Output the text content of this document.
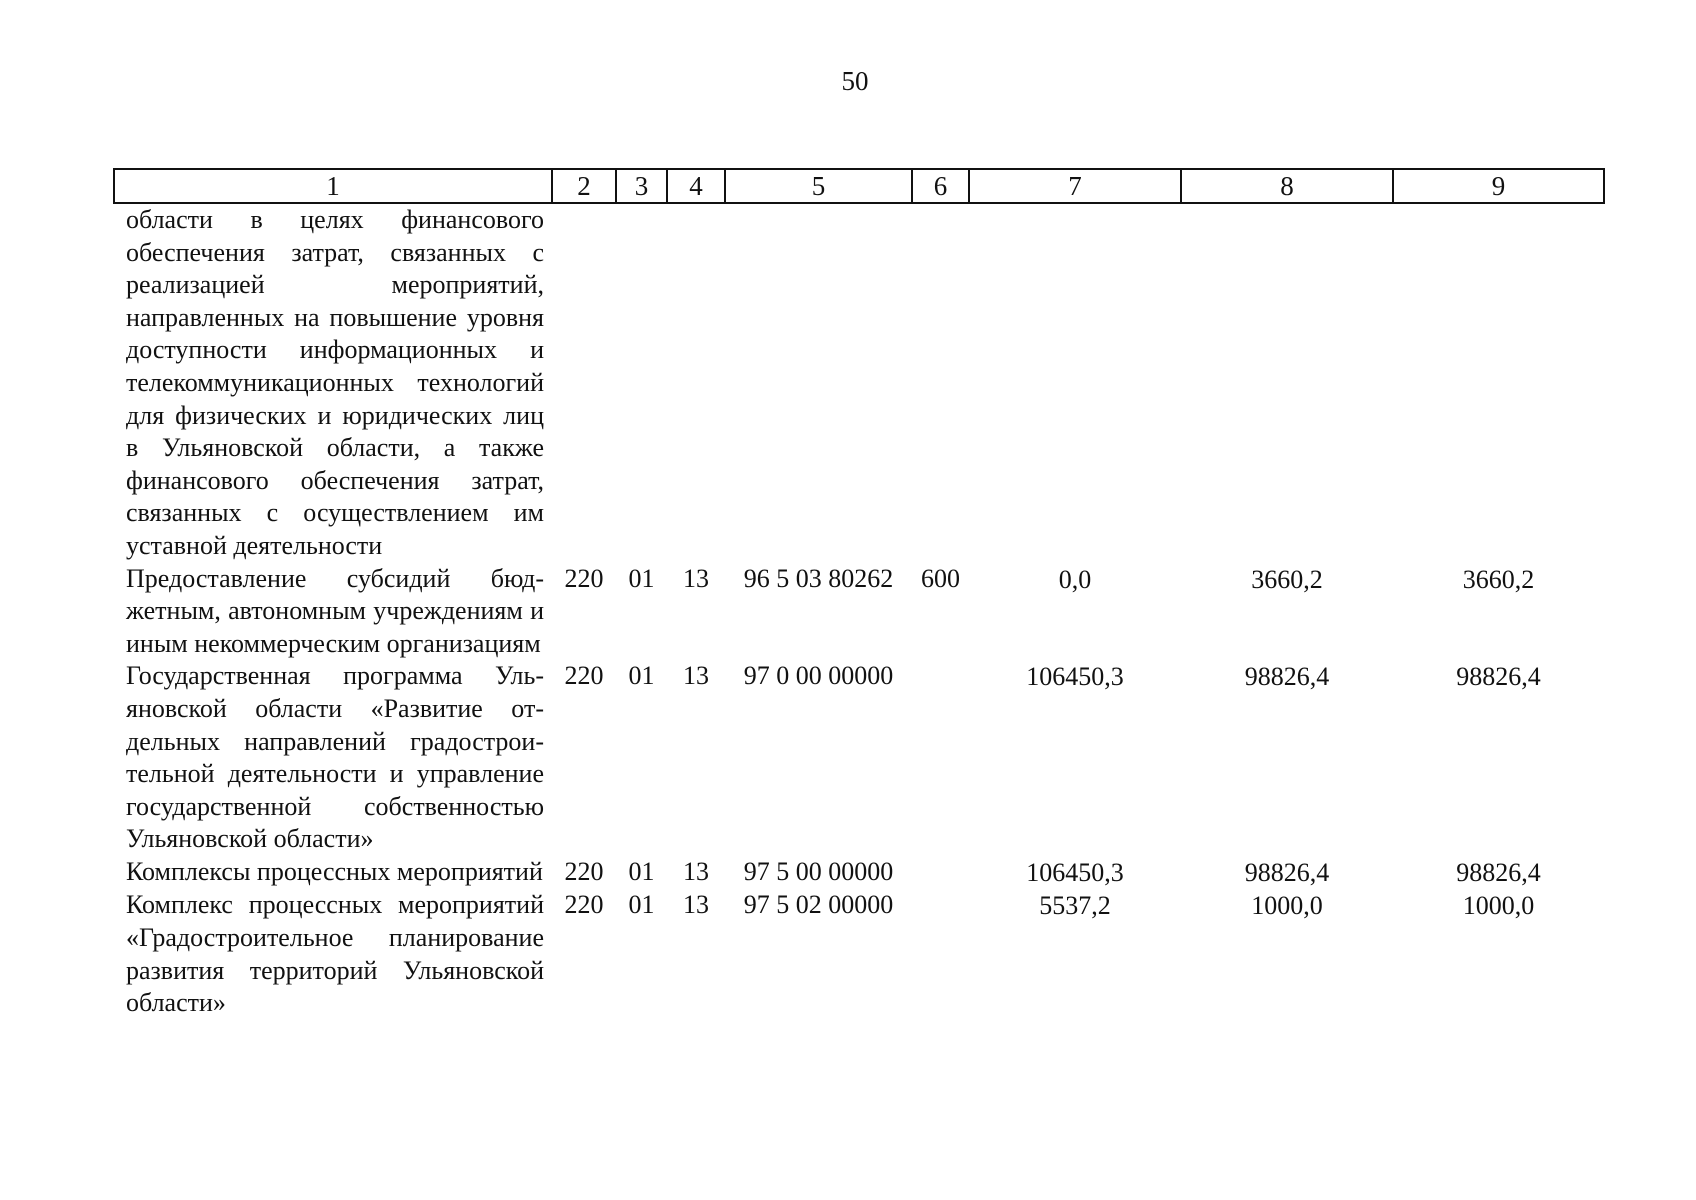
50
1	2	3	4	5	6	7	8	9
области в целях финансового обеспечения затрат, связанных с реализацией мероприятий, направленных на повышение уровня доступности информационных и телекоммуникационных технологий для физических и юридических лиц в Ульяновской области, а также финансового обеспечения затрат, связанных с осуществлением им уставной деятельности								
Предоставление субсидий бюджетным, автономным учреждениям и иным некоммерческим организациям	220	01	13	96 5 03 80262	600	0,0	3660,2	3660,2
Государственная программа Ульяновской области «Развитие отдельных направлений градостроительной деятельности и управление государственной собственностью Ульяновской области»	220	01	13	97 0 00 00000		106450,3	98826,4	98826,4
Комплексы процессных мероприятий	220	01	13	97 5 00 00000		106450,3	98826,4	98826,4
Комплекс процессных мероприятий «Градостроительное планирование развития территорий Ульяновской области»	220	01	13	97 5 02 00000		5537,2	1000,0	1000,0
